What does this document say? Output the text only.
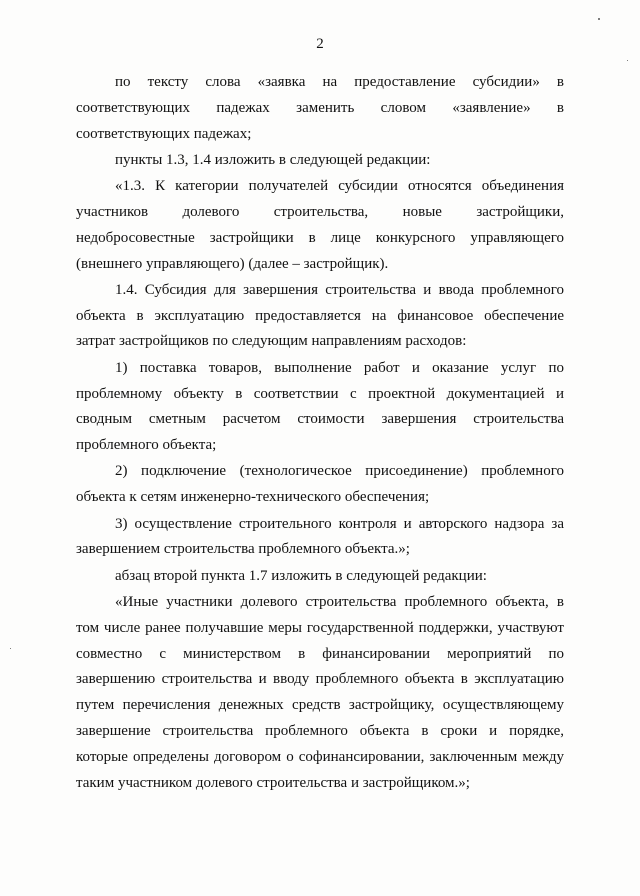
2

по тексту слова «заявка на предоставление субсидии» в
соответствующих падежах заменить словом «заявление» в
соответствующих падежах;

пункты 1.3, 1.4 изложить в следующей редакции:

«1.3. К категории получателей субсидии относятся объединения
участников долевого строительства, новые застройщики,
недобросовестные застройщики в лице конкурсного управляющего
(внешнего управляющего) (далее – застройщик).

1.4. Субсидия для завершения строительства и ввода проблемного
объекта в эксплуатацию предоставляется на финансовое обеспечение
затрат застройщиков по следующим направлениям расходов:

1) поставка товаров, выполнение работ и оказание услуг по
проблемному объекту в соответствии с проектной документацией и
сводным сметным расчетом стоимости завершения строительства
проблемного объекта;

2) подключение (технологическое присоединение) проблемного
объекта к сетям инженерно-технического обеспечения;

3) осуществление строительного контроля и авторского надзора за
завершением строительства проблемного объекта.»;

абзац второй пункта 1.7 изложить в следующей редакции:

«Иные участники долевого строительства проблемного объекта, в
том числе ранее получавшие меры государственной поддержки, участвуют
совместно с министерством в финансировании мероприятий по
завершению строительства и вводу проблемного объекта в эксплуатацию
путем перечисления денежных средств застройщику, осуществляющему
завершение строительства проблемного объекта в сроки и порядке,
которые определены договором о софинансировании, заключенным между
таким участником долевого строительства и застройщиком.»;
